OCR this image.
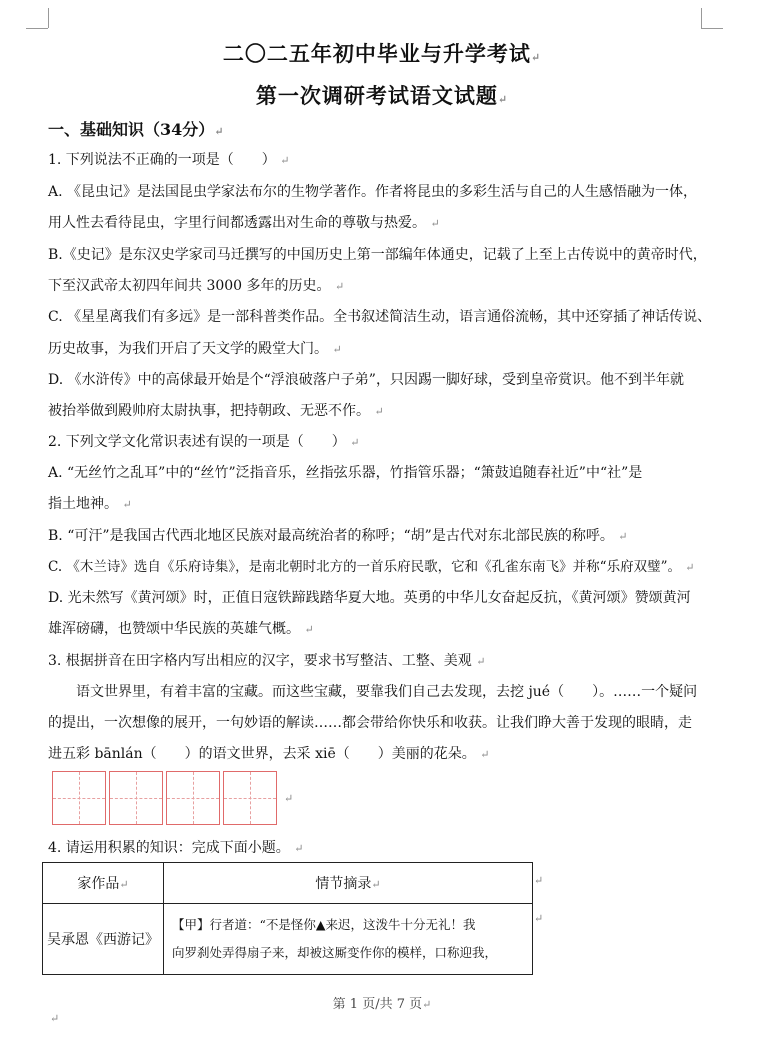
二〇二五年初中毕业与升学考试↵
第一次调研考试语文试题↵
一、基础知识（34分）↵
1. 下列说法不正确的一项是（　　） ↵
A. 《昆虫记》是法国昆虫学家法布尔的生物学著作。作者将昆虫的多彩生活与自己的人生感悟融为一体，
用人性去看待昆虫，字里行间都透露出对生命的尊敬与热爱。 ↵
B.《史记》是东汉史学家司马迁撰写的中国历史上第一部编年体通史，记载了上至上古传说中的黄帝时代，
下至汉武帝太初四年间共 3000 多年的历史。 ↵
C. 《星星离我们有多远》是一部科普类作品。全书叙述简洁生动，语言通俗流畅，其中还穿插了神话传说、
历史故事，为我们开启了天文学的殿堂大门。 ↵
D. 《水浒传》中的高俅最开始是个“浮浪破落户子弟”，只因踢一脚好球，受到皇帝赏识。他不到半年就
被抬举做到殿帅府太尉执事，把持朝政、无恶不作。 ↵
2. 下列文学文化常识表述有误的一项是（　　） ↵
A. “无丝竹之乱耳”中的“丝竹”泛指音乐，丝指弦乐器，竹指管乐器；“箫鼓追随春社近”中“社”是
指土地神。 ↵
B. “可汗”是我国古代西北地区民族对最高统治者的称呼；“胡”是古代对东北部民族的称呼。 ↵
C. 《木兰诗》选自《乐府诗集》，是南北朝时北方的一首乐府民歌，它和《孔雀东南飞》并称“乐府双璧”。 ↵
D. 光未然写《黄河颂》时，正值日寇铁蹄践踏华夏大地。英勇的中华儿女奋起反抗，《黄河颂》赞颂黄河
雄浑磅礴，也赞颂中华民族的英雄气概。 ↵
3. 根据拼音在田字格内写出相应的汉字，要求书写整洁、工整、美观 ↵
语文世界里，有着丰富的宝藏。而这些宝藏，要靠我们自己去发现，去挖 jué（　　）。……一个疑问
的提出，一次想像的展开，一句妙语的解读……都会带给你快乐和收获。让我们睁大善于发现的眼睛，走
进五彩 bānlán（　　）的语文世界，去采 xiē（　　）美丽的花朵。 ↵
↵
4. 请运用积累的知识：完成下面小题。 ↵
家作品↵	情节摘录↵
吴承恩《西游记》	【甲】行者道：“不是怪你▲来迟，这泼牛十分无礼！我
向罗刹处弄得扇子来，却被这厮变作你的模样，口称迎我，
↵
↵
第 1 页/共 7 页↵
↵
